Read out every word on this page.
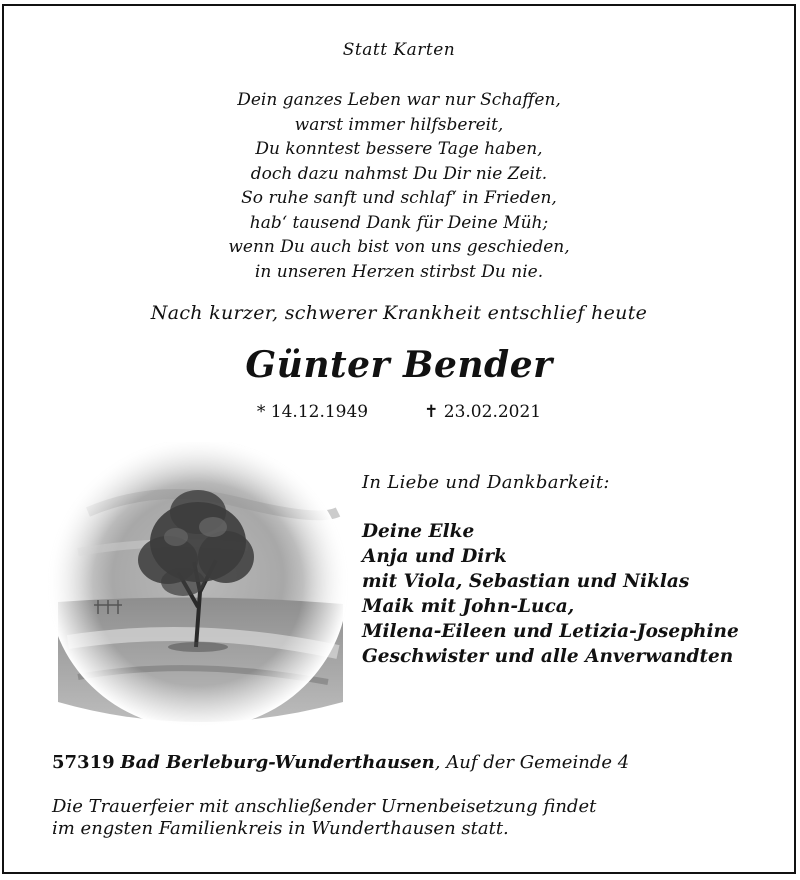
Statt Karten
Dein ganzes Leben war nur Schaffen,
warst immer hilfsbereit,
Du konntest bessere Tage haben,
doch dazu nahmst Du Dir nie Zeit.
So ruhe sanft und schlaf‘ in Frieden,
hab‘ tausend Dank für Deine Müh;
wenn Du auch bist von uns geschieden,
in unseren Herzen stirbst Du nie.
Nach kurzer, schwerer Krankheit entschlief heute
Günter Bender
* 14.12.1949	✝ 23.02.2021
In Liebe und Dankbarkeit:
Deine Elke
Anja und Dirk
mit Viola, Sebastian und Niklas
Maik mit John-Luca,
Milena-Eileen und Letizia-Josephine
Geschwister und alle Anverwandten
57319 Bad Berleburg-Wunderthausen, Auf der Gemeinde 4
Die Trauerfeier mit anschließender Urnenbeisetzung findet
im engsten Familienkreis in Wunderthausen statt.
